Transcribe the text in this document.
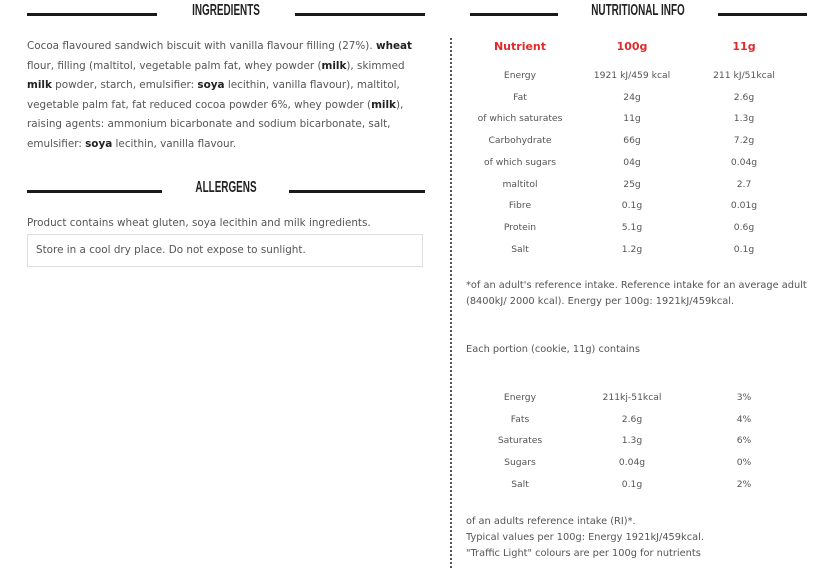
INGREDIENTS
Cocoa flavoured sandwich biscuit with vanilla flavour filling (27%). wheat flour, filling (maltitol, vegetable palm fat, whey powder (milk), skimmed milk powder, starch, emulsifier: soya lecithin, vanilla flavour), maltitol, vegetable palm fat, fat reduced cocoa powder 6%, whey powder (milk), raising agents: ammonium bicarbonate and sodium bicarbonate, salt, emulsifier: soya lecithin, vanilla flavour.
ALLERGENS
Product contains wheat gluten, soya lecithin and milk ingredients.
Store in a cool dry place. Do not expose to sunlight.
NUTRITIONAL INFO
Nutrient	100g	11g
Energy	1921 kJ/459 kcal	211 kJ/51kcal
Fat	24g	2.6g
of which saturates	11g	1.3g
Carbohydrate	66g	7.2g
of which sugars	04g	0.04g
maltitol	25g	2.7
Fibre	0.1g	0.01g
Protein	5.1g	0.6g
Salt	1.2g	0.1g
*of an adult's reference intake. Reference intake for an average adult (8400kJ/ 2000 kcal). Energy per 100g: 1921kJ/459kcal.
Each portion (cookie, 11g) contains
Energy	211kj-51kcal	3%
Fats	2.6g	4%
Saturates	1.3g	6%
Sugars	0.04g	0%
Salt	0.1g	2%
of an adults reference intake (RI)*.
Typical values per 100g: Energy 1921kJ/459kcal.
"Traffic Light" colours are per 100g for nutrients
